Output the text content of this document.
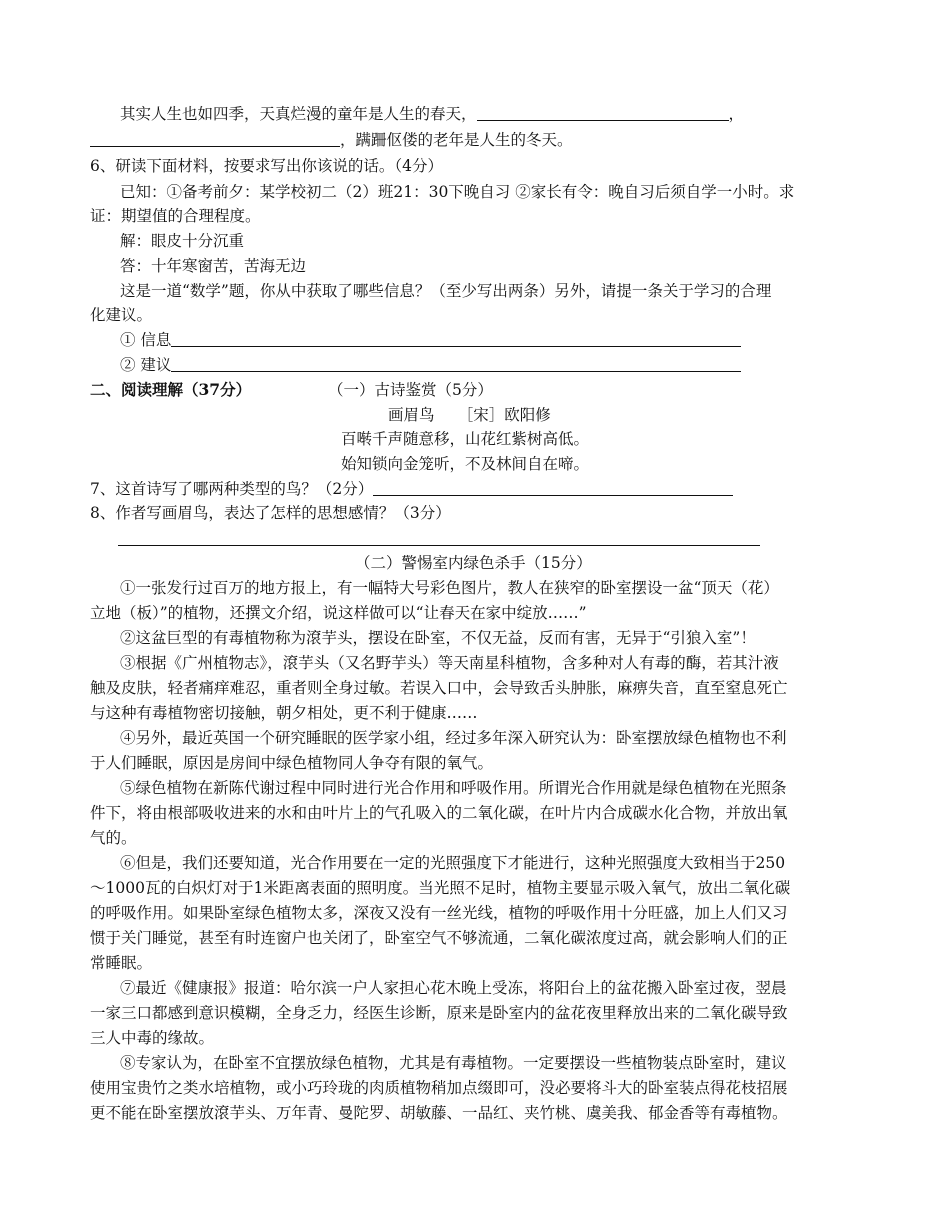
其实人生也如四季，天真烂漫的童年是人生的春天，	，
，蹒跚伛偻的老年是人生的冬天。
6、研读下面材料，按要求写出你该说的话。（4分）
已知：①备考前夕：某学校初二（2）班21：30下晚自习 ②家长有令：晚自习后须自学一小时。求
证：期望值的合理程度。
解：眼皮十分沉重
答：十年寒窗苦，苦海无边
这是一道“数学”题，你从中获取了哪些信息？（至少写出两条）另外，请提一条关于学习的合理
化建议。
① 信息
② 建议
二、阅读理解（37分）	（一）古诗鉴赏（5分）
画眉鸟　　［宋］欧阳修
百啭千声随意移，山花红紫树高低。
始知锁向金笼听，不及林间自在啼。
7、这首诗写了哪两种类型的鸟？（2分）
8、作者写画眉鸟，表达了怎样的思想感情？（3分）
（二）警惕室内绿色杀手（15分）
①一张发行过百万的地方报上，有一幅特大号彩色图片，教人在狭窄的卧室摆设一盆“顶天（花）
立地（板）”的植物，还撰文介绍，说这样做可以“让春天在家中绽放……”
②这盆巨型的有毒植物称为滾芋头，摆设在卧室，不仅无益，反而有害，无异于“引狼入室”！
③根据《广州植物志》，滾芋头（又名野芋头）等天南星科植物，含多种对人有毒的酶，若其汁液
触及皮肤，轻者痛痒难忍，重者则全身过敏。若误入口中，会导致舌头肿胀，麻痹失音，直至窒息死亡
与这种有毒植物密切接触，朝夕相处，更不利于健康……
④另外，最近英国一个研究睡眠的医学家小组，经过多年深入研究认为：卧室摆放绿色植物也不利
于人们睡眠，原因是房间中绿色植物同人争夺有限的氧气。
⑤绿色植物在新陈代谢过程中同时进行光合作用和呼吸作用。所谓光合作用就是绿色植物在光照条
件下，将由根部吸收进来的水和由叶片上的气孔吸入的二氧化碳，在叶片内合成碳水化合物，并放出氧
气的。
⑥但是，我们还要知道，光合作用要在一定的光照强度下才能进行，这种光照强度大致相当于250
～1000瓦的白炽灯对于1米距离表面的照明度。当光照不足时，植物主要显示吸入氧气，放出二氧化碳
的呼吸作用。如果卧室绿色植物太多，深夜又没有一丝光线，植物的呼吸作用十分旺盛，加上人们又习
惯于关门睡觉，甚至有时连窗户也关闭了，卧室空气不够流通，二氧化碳浓度过高，就会影响人们的正
常睡眠。
⑦最近《健康报》报道：哈尔滨一户人家担心花木晚上受冻，将阳台上的盆花搬入卧室过夜，翌晨
一家三口都感到意识模糊，全身乏力，经医生诊断，原来是卧室内的盆花夜里释放出来的二氧化碳导致
三人中毒的缘故。
⑧专家认为，在卧室不宜摆放绿色植物，尤其是有毒植物。一定要摆设一些植物装点卧室时，建议
使用宝贵竹之类水培植物，或小巧玲珑的肉质植物稍加点缀即可，没必要将斗大的卧室装点得花枝招展
更不能在卧室摆放滾芋头、万年青、曼陀罗、胡敏藤、一品红、夹竹桃、虞美我、郁金香等有毒植物。
